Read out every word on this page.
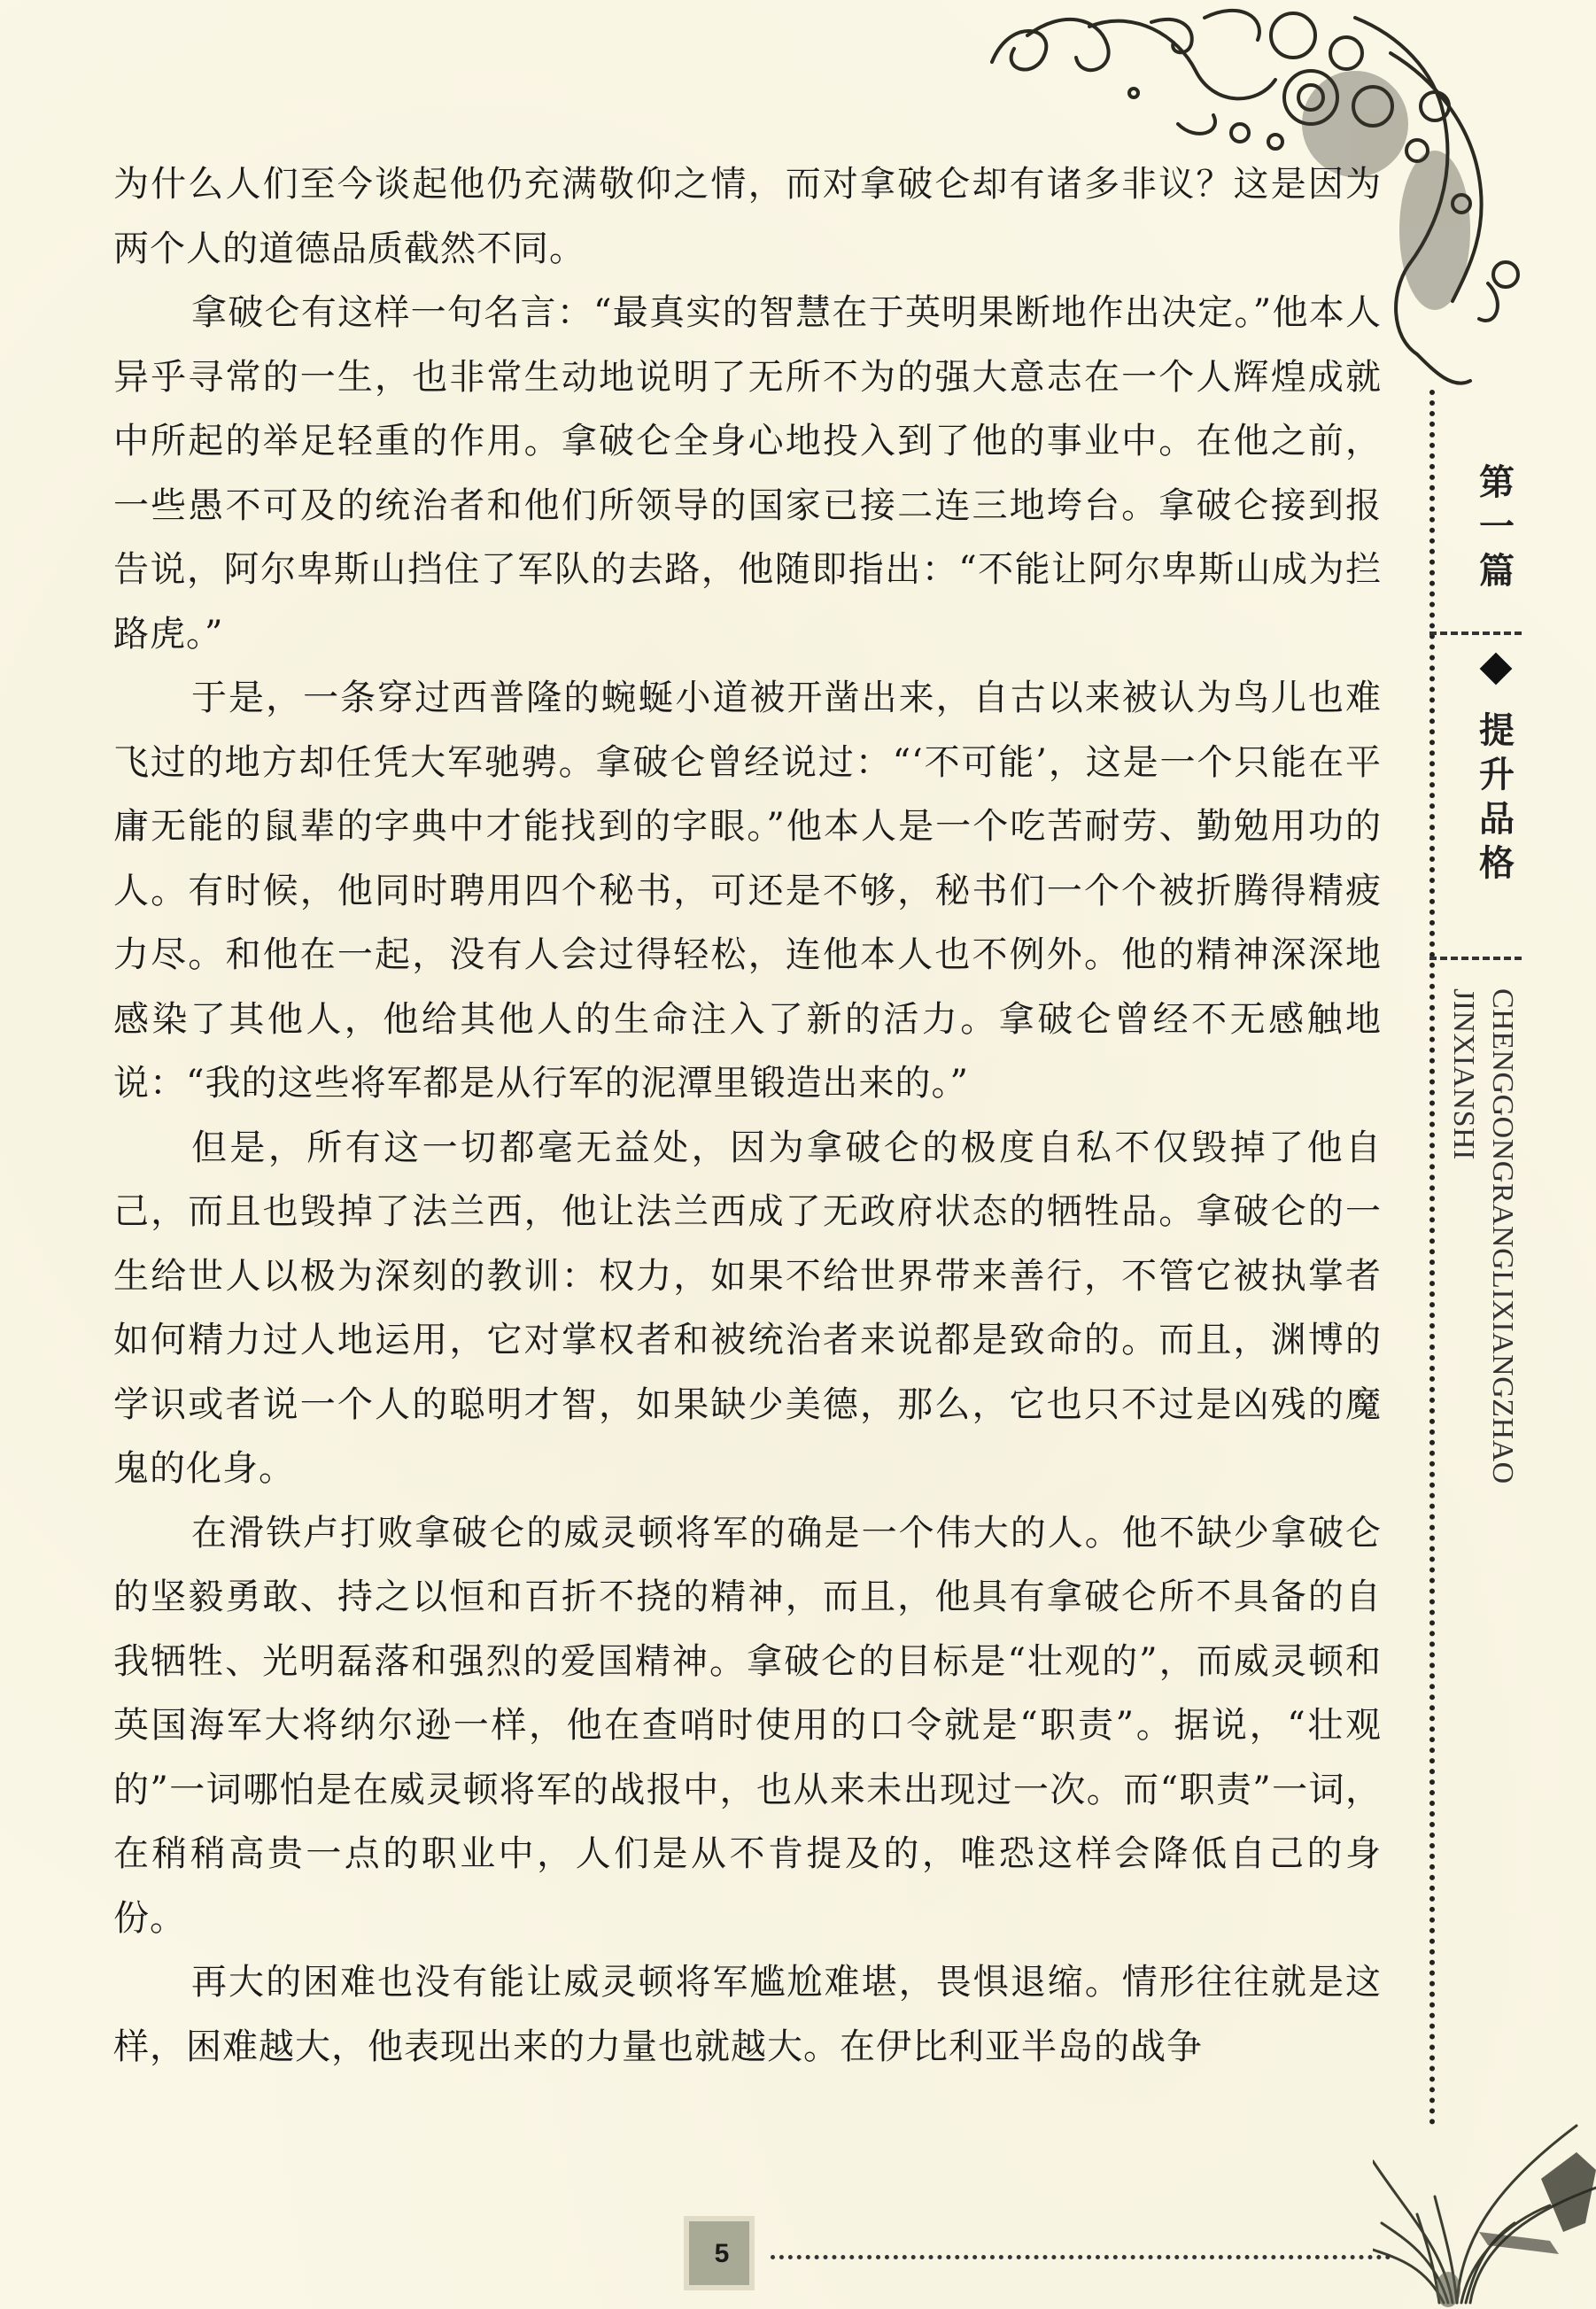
为什么人们至今谈起他仍充满敬仰之情，而对拿破仑却有诸多非议？这是因为两个人的道德品质截然不同。

拿破仑有这样一句名言：“最真实的智慧在于英明果断地作出决定。”他本人异乎寻常的一生，也非常生动地说明了无所不为的强大意志在一个人辉煌成就中所起的举足轻重的作用。拿破仑全身心地投入到了他的事业中。在他之前，一些愚不可及的统治者和他们所领导的国家已接二连三地垮台。拿破仑接到报告说，阿尔卑斯山挡住了军队的去路，他随即指出：“不能让阿尔卑斯山成为拦路虎。”

于是，一条穿过西普隆的蜿蜒小道被开凿出来，自古以来被认为鸟儿也难飞过的地方却任凭大军驰骋。拿破仑曾经说过：“‘不可能’，这是一个只能在平庸无能的鼠辈的字典中才能找到的字眼。”他本人是一个吃苦耐劳、勤勉用功的人。有时候，他同时聘用四个秘书，可还是不够，秘书们一个个被折腾得精疲力尽。和他在一起，没有人会过得轻松，连他本人也不例外。他的精神深深地感染了其他人，他给其他人的生命注入了新的活力。拿破仑曾经不无感触地说：“我的这些将军都是从行军的泥潭里锻造出来的。”

但是，所有这一切都毫无益处，因为拿破仑的极度自私不仅毁掉了他自己，而且也毁掉了法兰西，他让法兰西成了无政府状态的牺牲品。拿破仑的一生给世人以极为深刻的教训：权力，如果不给世界带来善行，不管它被执掌者如何精力过人地运用，它对掌权者和被统治者来说都是致命的。而且，渊博的学识或者说一个人的聪明才智，如果缺少美德，那么，它也只不过是凶残的魔鬼的化身。

在滑铁卢打败拿破仑的威灵顿将军的确是一个伟大的人。他不缺少拿破仑的坚毅勇敢、持之以恒和百折不挠的精神，而且，他具有拿破仑所不具备的自我牺牲、光明磊落和强烈的爱国精神。拿破仑的目标是“壮观的”，而威灵顿和英国海军大将纳尔逊一样，他在查哨时使用的口令就是“职责”。据说，“壮观的”一词哪怕是在威灵顿将军的战报中，也从来未出现过一次。而“职责”一词，在稍稍高贵一点的职业中，人们是从不肯提及的，唯恐这样会降低自己的身份。

再大的困难也没有能让威灵顿将军尴尬难堪，畏惧退缩。情形往往就是这样，困难越大，他表现出来的力量也就越大。在伊比利亚半岛的战争

第
一
篇
提
升
品
格
CHENGGONGRANGLIXIANGZHAO
JINXIANSHI
5
